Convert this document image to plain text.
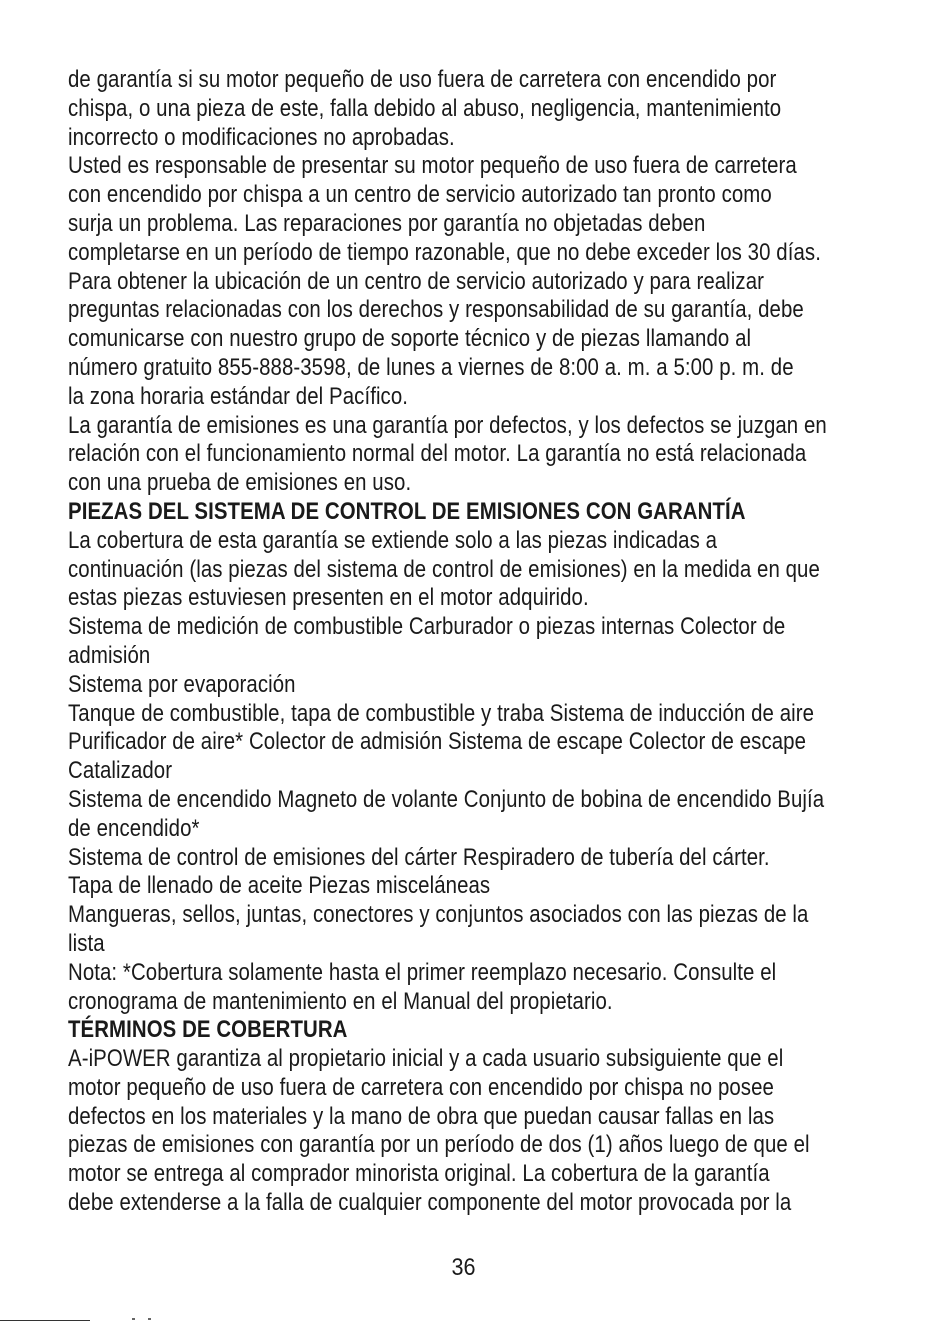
de garantía si su motor pequeño de uso fuera de carretera con encendido por
chispa, o una pieza de este, falla debido al abuso, negligencia, mantenimiento
incorrecto o modificaciones no aprobadas.
Usted es responsable de presentar su motor pequeño de uso fuera de carretera
con encendido por chispa a un centro de servicio autorizado tan pronto como
surja un problema. Las reparaciones por garantía no objetadas deben
completarse en un período de tiempo razonable, que no debe exceder los 30 días.
Para obtener la ubicación de un centro de servicio autorizado y para realizar
preguntas relacionadas con los derechos y responsabilidad de su garantía, debe
comunicarse con nuestro grupo de soporte técnico y de piezas llamando al
número gratuito 855-888-3598, de lunes a viernes de 8:00 a. m. a 5:00 p. m. de
la zona horaria estándar del Pacífico.
La garantía de emisiones es una garantía por defectos, y los defectos se juzgan en
relación con el funcionamiento normal del motor. La garantía no está relacionada
con una prueba de emisiones en uso.
PIEZAS DEL SISTEMA DE CONTROL DE EMISIONES CON GARANTÍA
La cobertura de esta garantía se extiende solo a las piezas indicadas a
continuación (las piezas del sistema de control de emisiones) en la medida en que
estas piezas estuviesen presenten en el motor adquirido.
Sistema de medición de combustible Carburador o piezas internas Colector de
admisión
Sistema por evaporación
Tanque de combustible, tapa de combustible y traba Sistema de inducción de aire
Purificador de aire* Colector de admisión Sistema de escape Colector de escape
Catalizador
Sistema de encendido Magneto de volante Conjunto de bobina de encendido Bujía
de encendido*
Sistema de control de emisiones del cárter Respiradero de tubería del cárter.
Tapa de llenado de aceite Piezas misceláneas
Mangueras, sellos, juntas, conectores y conjuntos asociados con las piezas de la
lista
Nota: *Cobertura solamente hasta el primer reemplazo necesario. Consulte el
cronograma de mantenimiento en el Manual del propietario.
TÉRMINOS DE COBERTURA
A-iPOWER garantiza al propietario inicial y a cada usuario subsiguiente que el
motor pequeño de uso fuera de carretera con encendido por chispa no posee
defectos en los materiales y la mano de obra que puedan causar fallas en las
piezas de emisiones con garantía por un período de dos (1) años luego de que el
motor se entrega al comprador minorista original. La cobertura de la garantía
debe extenderse a la falla de cualquier componente del motor provocada por la
36
